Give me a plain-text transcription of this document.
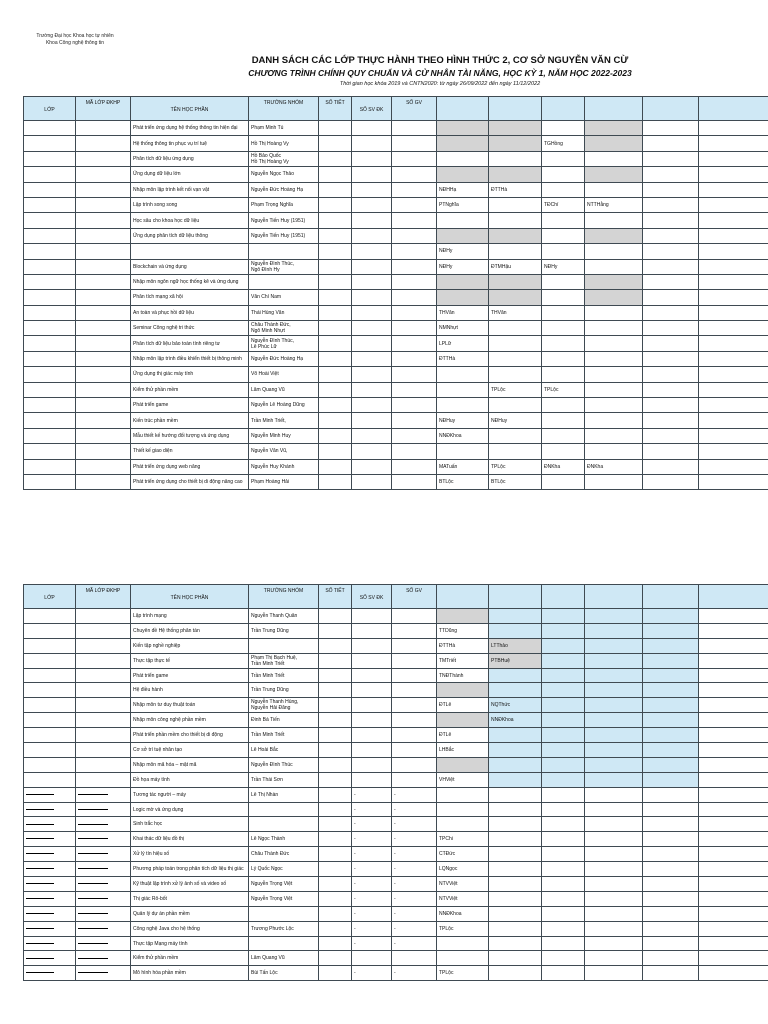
Trường Đại học Khoa học tự nhiên
Khoa Công nghệ thông tin
DANH SÁCH CÁC LỚP THỰC HÀNH THEO HÌNH THỨC 2, CƠ SỞ NGUYỄN VĂN CỪ
CHƯƠNG TRÌNH CHÍNH QUY CHUẨN VÀ CỬ NHÂN TÀI NĂNG, HỌC KỲ 1, NĂM HỌC 2022-2023
Thời gian học khóa 2019 và CNTN2020: từ ngày 26/09/2022 đến ngày 11/12/2022
LỚP	MÃ LỚP ĐKHP	TÊN HỌC PHẦN	TRƯỞNG NHÓM	SỐ TIẾT	SỐ SV ĐK	SỐ GV							
		Phát triển ứng dụng hệ thống thông tin hiện đại	Phạm Minh Tú										
		Hệ thống thông tin phục vụ trí tuệ	Hồ Thị Hoàng Vy						TGHồng				
		Phân tích dữ liệu ứng dụng	Hồ Bảo Quốc
Hồ Thị Hoàng Vy										
		Ứng dụng dữ liệu lớn	Nguyễn Ngọc Thảo										
		Nhập môn lập trình kết nối vạn vật	Nguyễn Đức Hoàng Hạ				NĐHHạ	ĐTTHà					
		Lập trình song song	Phạm Trọng Nghĩa				PTNghĩa		TĐChí	NTTHằng			
		Học sâu cho khoa học dữ liệu	Nguyễn Tiến Huy (1951)										
		Ứng dụng phân tích dữ liệu thông	Nguyễn Tiến Huy (1951)										
							NĐHy						
		Blockchain và ứng dụng	Nguyễn Đình Thúc,
Ngô Đình Hy				NĐHy	ĐTMHậu	NĐHy				
		Nhập môn ngôn ngữ học thống kê và ứng dụng											
		Phân tích mạng xã hội	Văn Chí Nam										
		An toàn và phục hồi dữ liệu	Thái Hùng Văn				THVăn	THVăn					
		Seminar Công nghệ tri thức	Châu Thành Đức,
Ngô Minh Nhựt				NMNhựt						
		Phân tích dữ liệu bảo toàn tính riêng tư	Nguyễn Đình Thúc,
Lê Phúc Lữ				LPLữ						
		Nhập môn lập trình điều khiển thiết bị thông minh	Nguyễn Đức Hoàng Hạ				ĐTTHà						
		Ứng dụng thị giác máy tính	Võ Hoài Việt										
		Kiểm thử phần mềm	Lâm Quang Vũ					TPLộc	TPLộc				
		Phát triển game	Nguyễn Lê Hoàng Dũng										
		Kiến trúc phần mềm	Trần Minh Triết,				NĐHuy	NĐHuy					
		Mẫu thiết kế hướng đối tượng và ứng dụng	Nguyễn Minh Huy				NNĐKhoa						
		Thiết kế giao diện	Nguyễn Văn Vũ,										
		Phát triển ứng dụng web nâng	Nguyễn Huy Khánh				MATuấn	TPLộc	ĐNKha	ĐNKha			
		Phát triển ứng dụng cho thiết bị di động nâng cao	Phạm Hoàng Hải				BTLộc	BTLộc					
LỚP	MÃ LỚP ĐKHP	TÊN HỌC PHẦN	TRƯỞNG NHÓM	SỐ TIẾT	SỐ SV ĐK	SỐ GV							
		Lập trình mạng	Nguyễn Thanh Quân										
		Chuyên đề Hệ thống phân tán	Trần Trung Dũng				TTDũng						
		Kiến tập nghề nghiệp					ĐTTHà	LTThảo					
		Thực tập thực tế	Phạm Thị Bạch Huệ,
Trần Minh Triết				TMTriết	PTBHuệ					
		Phát triển game	Trần Minh Triết				TNĐThành						
		Hệ điều hành	Trần Trung Dũng										
		Nhập môn tư duy thuật toán	Nguyễn Thanh Hùng,
Nguyễn Hải Đăng				ĐTLê	NQThức					
		Nhập môn công nghệ phần mềm	Đinh Bá Tiến					NNĐKhoa					
		Phát triển phần mềm cho thiết bị di động	Trần Minh Triết				ĐTLê						
		Cơ sở trí tuệ nhân tạo	Lê Hoài Bắc				LHBắc						
		Nhập môn mã hóa – mật mã	Nguyễn Đình Thúc										
		Đồ họa máy tính	Trần Thái Sơn				VHViệt						
		Tương tác người – máy	Lê Thị Nhàn		-	-							
		Logic mờ và ứng dụng			-	-							
		Sinh trắc học			-	-							
		Khai thác dữ liệu đồ thị	Lê Ngọc Thành		-	-	TPChi						
		Xử lý tín hiệu số	Châu Thành Đức		-	-	CTĐức						
		Phương pháp toán trong phân tích dữ liệu thị giác	Lý Quốc Ngọc		-	-	LQNgọc						
		Kỹ thuật lập trình xử lý ảnh số và video số	Nguyễn Trọng Việt		-	-	NTVViệt						
		Thị giác Rô-bốt	Nguyễn Trọng Việt		-	-	NTVViệt						
		Quản lý dự án phần mềm			-	-	NNĐKhoa						
		Công nghệ Java cho hệ thống	Trương Phước Lộc		-	-	TPLộc						
		Thực tập Mạng máy tính			-	-							
		Kiểm thử phần mềm	Lâm Quang Vũ										
		Mô hình hóa phần mềm	Bùi Tấn Lộc		-	-	TPLộc						
